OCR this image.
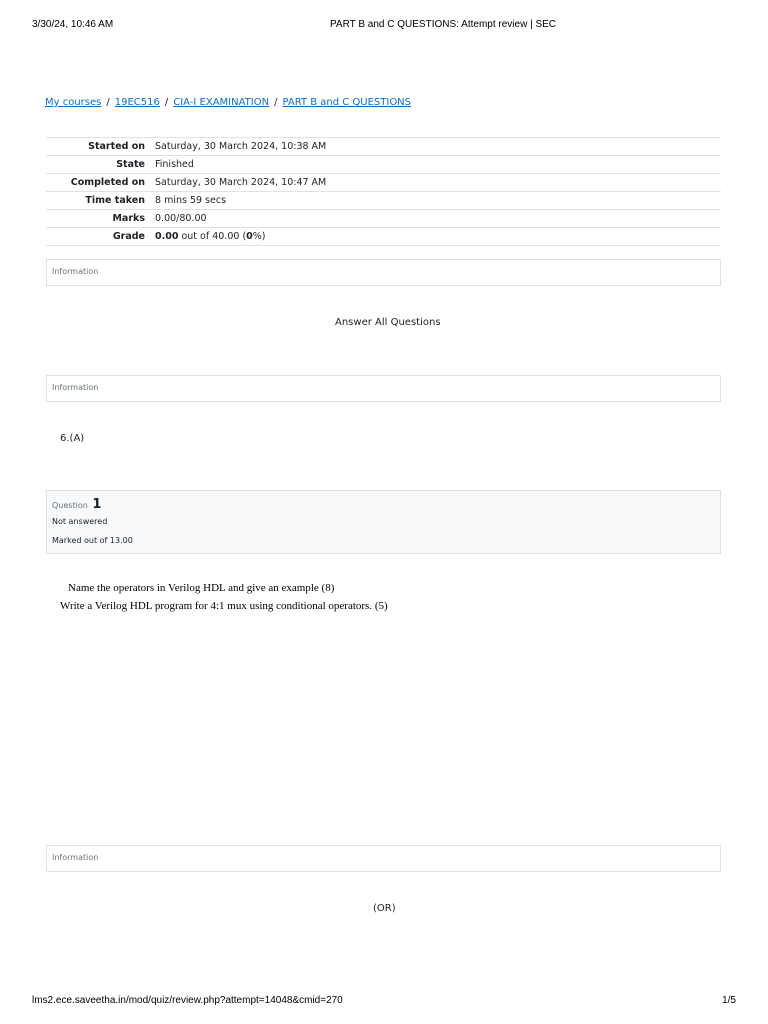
3/30/24, 10:46 AM	PART B and C QUESTIONS: Attempt review | SEC
My courses / 19EC516 / CIA-I EXAMINATION / PART B and C QUESTIONS
Started on	Saturday, 30 March 2024, 10:38 AM
State	Finished
Completed on	Saturday, 30 March 2024, 10:47 AM
Time taken	8 mins 59 secs
Marks	0.00/80.00
Grade	0.00 out of 40.00 (0%)
Information
Answer All Questions
Information
6.(A)
Question 1
Not answered
Marked out of 13.00
Name the operators in Verilog HDL and give an example (8)
Write a Verilog HDL program for 4:1 mux using conditional operators. (5)
Information
(OR)
lms2.ece.saveetha.in/mod/quiz/review.php?attempt=14048&cmid=270	1/5
